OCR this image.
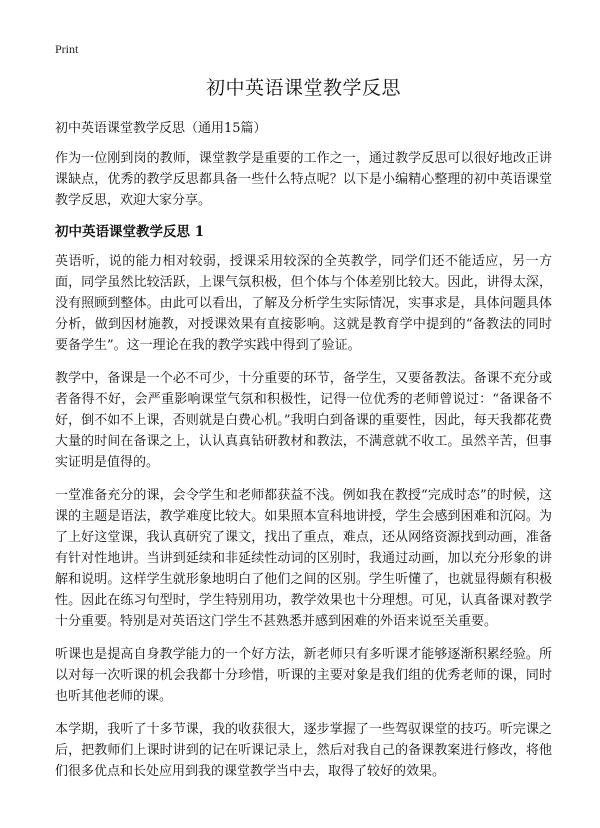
Print
初中英语课堂教学反思
初中英语课堂教学反思（通用15篇）

作为一位刚到岗的教师，课堂教学是重要的工作之一，通过教学反思可以很好地改正讲课缺点，优秀的教学反思都具备一些什么特点呢？以下是小编精心整理的初中英语课堂教学反思，欢迎大家分享。

初中英语课堂教学反思 1

英语听，说的能力相对较弱，授课采用较深的全英教学，同学们还不能适应，另一方面，同学虽然比较活跃，上课气氛积极，但个体与个体差别比较大。因此，讲得太深，没有照顾到整体。由此可以看出，了解及分析学生实际情况，实事求是，具体问题具体分析，做到因材施教，对授课效果有直接影响。这就是教育学中提到的“备教法的同时要备学生”。这一理论在我的教学实践中得到了验证。

教学中，备课是一个必不可少，十分重要的环节，备学生，又要备教法。备课不充分或者备得不好，会严重影响课堂气氛和积极性，记得一位优秀的老师曾说过：“备课备不好，倒不如不上课，否则就是白费心机。”我明白到备课的重要性，因此，每天我都花费大量的时间在备课之上，认认真真钻研教材和教法，不满意就不收工。虽然辛苦，但事实证明是值得的。

一堂准备充分的课，会令学生和老师都获益不浅。例如我在教授“完成时态”的时候，这课的主题是语法，教学难度比较大。如果照本宣科地讲授，学生会感到困难和沉闷。为了上好这堂课，我认真研究了课文，找出了重点，难点，还从网络资源找到动画，准备有针对性地讲。当讲到延续和非延续性动词的区别时，我通过动画，加以充分形象的讲解和说明。这样学生就形象地明白了他们之间的区别。学生听懂了，也就显得颇有积极性。因此在练习句型时，学生特别用功，教学效果也十分理想。可见，认真备课对教学十分重要。特别是对英语这门学生不甚熟悉并感到困难的外语来说至关重要。

听课也是提高自身教学能力的一个好方法，新老师只有多听课才能够逐渐积累经验。所以对每一次听课的机会我都十分珍惜，听课的主要对象是我们组的优秀老师的课，同时也听其他老师的课。

本学期，我听了十多节课，我的收获很大，逐步掌握了一些驾驭课堂的技巧。听完课之后，把教师们上课时讲到的记在听课记录上，然后对我自己的备课教案进行修改，将他们很多优点和长处应用到我的课堂教学当中去，取得了较好的效果。
